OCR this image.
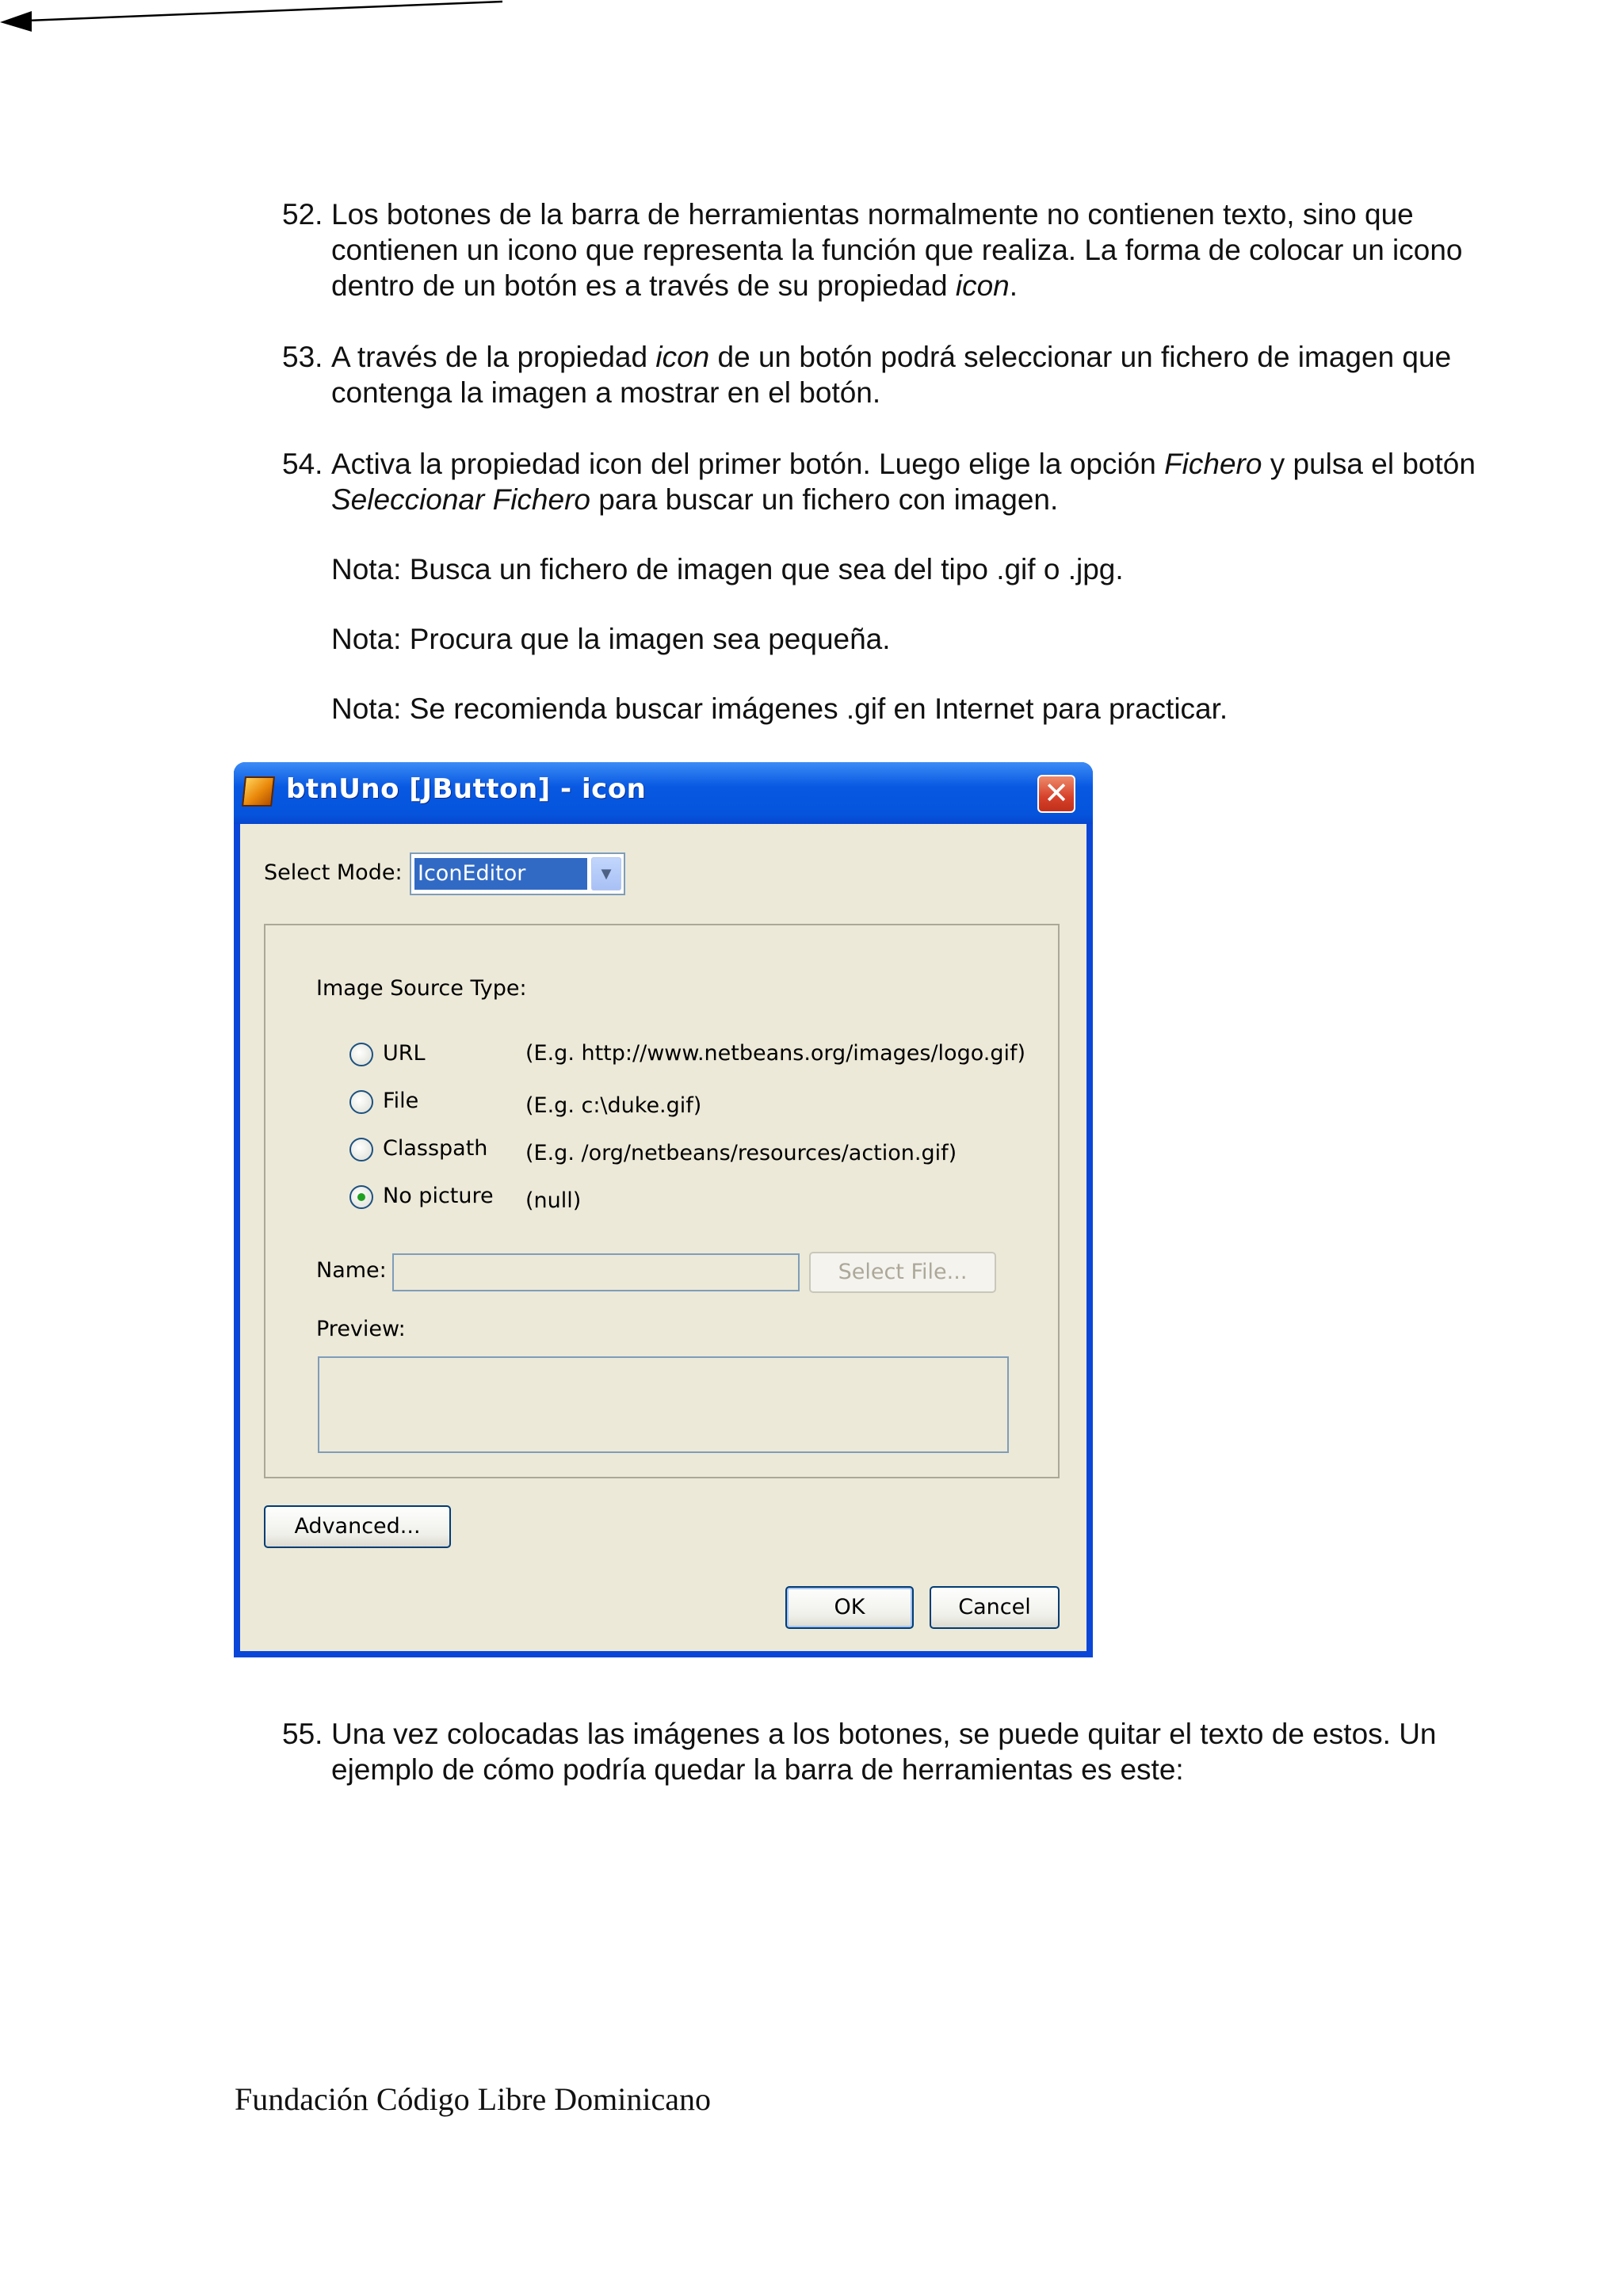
52. Los botones de la barra de herramientas normalmente no contienen texto, sino que contienen un icono que representa la función que realiza. La forma de colocar un icono dentro de un botón es a través de su propiedad icon.
53. A través de la propiedad icon de un botón podrá seleccionar un fichero de imagen que contenga la imagen a mostrar en el botón.
54. Activa la propiedad icon del primer botón. Luego elige la opción Fichero y pulsa el botón Seleccionar Fichero para buscar un fichero con imagen.
Nota: Busca un fichero de imagen que sea del tipo .gif o .jpg.
Nota: Procura que la imagen sea pequeña.
Nota: Se recomienda buscar imágenes .gif en Internet para practicar.
btnUno [JButton] - icon	✕
Select Mode: IconEditor	▼
Image Source Type:
URL	(E.g. http://www.netbeans.org/images/logo.gif)
File	(E.g. c:\duke.gif)
Classpath (E.g. /org/netbeans/resources/action.gif)
No picture (null)
Name:	Select File...
Preview:
Advanced...
OK	Cancel
55. Una vez colocadas las imágenes a los botones, se puede quitar el texto de estos. Un ejemplo de cómo podría quedar la barra de herramientas es este:
Fundación Código Libre Dominicano
